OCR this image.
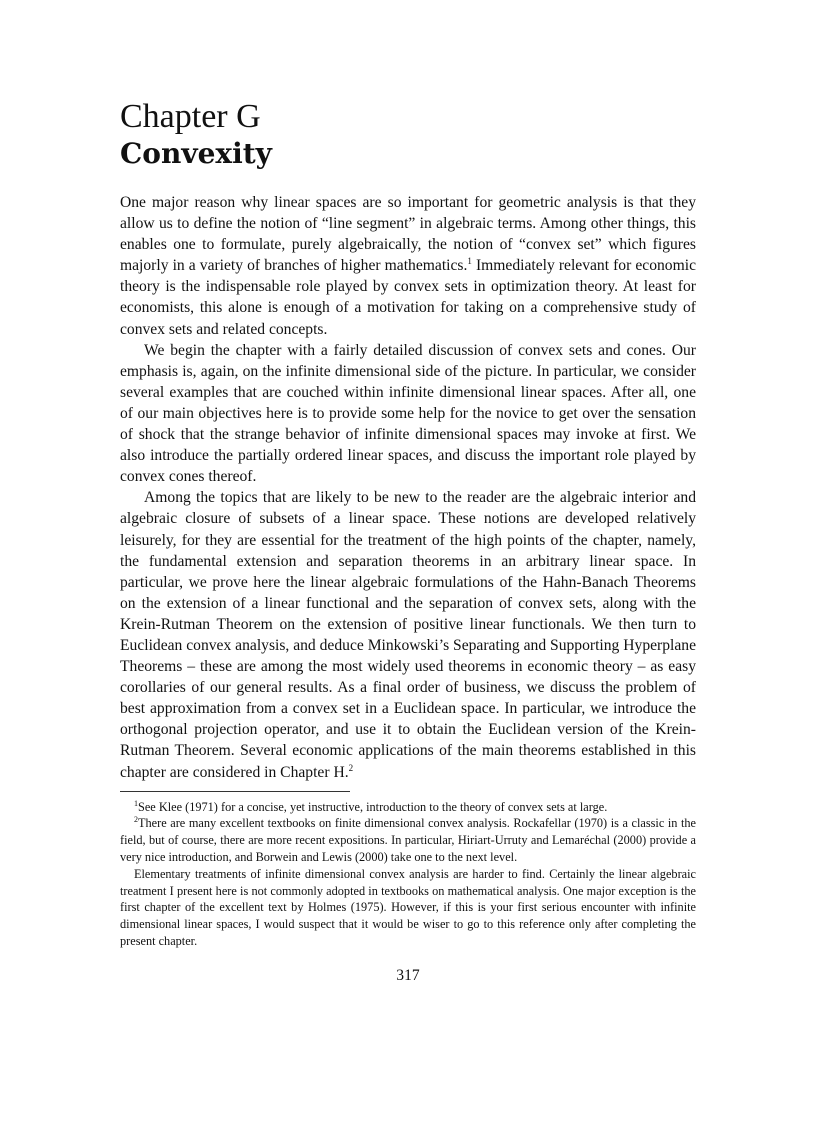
Chapter G
Convexity

One major reason why linear spaces are so important for geometric analysis is that they allow us to define the notion of “line segment” in algebraic terms. Among other things, this enables one to formulate, purely algebraically, the notion of “convex set” which figures majorly in a variety of branches of higher mathematics.$^1$ Immediately relevant for economic theory is the indispensable role played by convex sets in optimization theory. At least for economists, this alone is enough of a motivation for taking on a comprehensive study of convex sets and related concepts.

We begin the chapter with a fairly detailed discussion of convex sets and cones. Our emphasis is, again, on the infinite dimensional side of the picture. In particular, we consider several examples that are couched within infinite dimensional linear spaces. After all, one of our main objectives here is to provide some help for the novice to get over the sensation of shock that the strange behavior of infinite dimensional spaces may invoke at first. We also introduce the partially ordered linear spaces, and discuss the important role played by convex cones thereof.

Among the topics that are likely to be new to the reader are the algebraic interior and algebraic closure of subsets of a linear space. These notions are developed relatively leisurely, for they are essential for the treatment of the high points of the chapter, namely, the fundamental extension and separation theorems in an arbitrary linear space. In particular, we prove here the linear algebraic formulations of the Hahn-Banach Theorems on the extension of a linear functional and the separation of convex sets, along with the Krein-Rutman Theorem on the extension of positive linear functionals. We then turn to Euclidean convex analysis, and deduce Minkowski’s Separating and Supporting Hyperplane Theorems – these are among the most widely used theorems in economic theory – as easy corollaries of our general results. As a final order of business, we discuss the problem of best approximation from a convex set in a Euclidean space. In particular, we introduce the orthogonal projection operator, and use it to obtain the Euclidean version of the Krein-Rutman Theorem. Several economic applications of the main theorems established in this chapter are considered in Chapter H.$^2$

$^1$See Klee (1971) for a concise, yet instructive, introduction to the theory of convex sets at large.

$^2$There are many excellent textbooks on finite dimensional convex analysis. Rockafellar (1970) is a classic in the field, but of course, there are more recent expositions. In particular, Hiriart-Urruty and Lemaréchal (2000) provide a very nice introduction, and Borwein and Lewis (2000) take one to the next level.

Elementary treatments of infinite dimensional convex analysis are harder to find. Certainly the linear algebraic treatment I present here is not commonly adopted in textbooks on mathematical analysis. One major exception is the first chapter of the excellent text by Holmes (1975). However, if this is your first serious encounter with infinite dimensional linear spaces, I would suspect that it would be wiser to go to this reference only after completing the present chapter.

317
